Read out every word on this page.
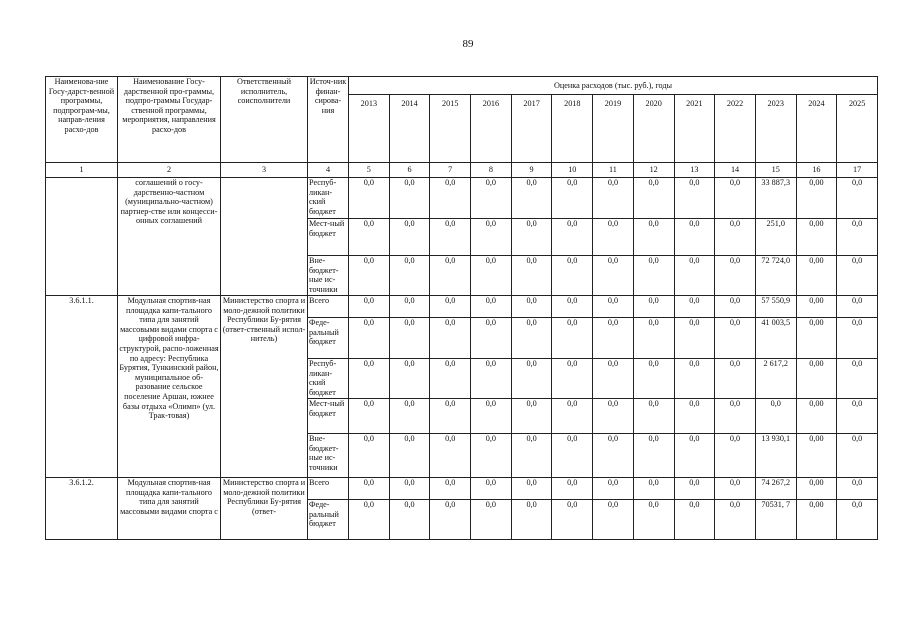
89
Наименова-ние Госу-дарст-венной программы, подпрограм-мы, направ-ления расхо-дов	Наименование Госу-дарственной про-граммы, подпро-граммы Государ-ственной программы, мероприятия, направления расхо-дов	Ответственный исполнитель, соисполнители	Источ-ник финан-сирова-ния	Оценка расходов (тыс. руб.), годы												
				2013	2014	2015	2016	2017	2018	2019	2020	2021	2022	2023	2024	2025
1	2	3	4	5	6	7	8	9	10	11	12	13	14	15	16	17
	соглашений о госу-дарственно-частном (муниципально-частном) партнер-стве или концесси-онных соглашений		Респуб-ликан-ский бюджет	0,0	0,0	0,0	0,0	0,0	0,0	0,0	0,0	0,0	0,0	33 887,3	0,00	0,0
			Мест-ный бюджет	0,0	0,0	0,0	0,0	0,0	0,0	0,0	0,0	0,0	0,0	251,0	0,00	0,0
			Вне-бюджет-ные ис-точники	0,0	0,0	0,0	0,0	0,0	0,0	0,0	0,0	0,0	0,0	72 724,0	0,00	0,0
3.6.1.1.	Модульная спортив-ная площадка капи-тального типа для занятий массовыми видами спорта с цифровой инфра-структурой, распо-ложенная по адресу: Республика Бурятия, Тункинский район, муниципальное об-разование сельское поселение Аршан, южнее базы отдыха «Олимп» (ул. Трак-товая)	Министерство спорта и моло-дежной политики Республики Бу-рятия (ответ-ственный испол-нитель)	Всего	0,0	0,0	0,0	0,0	0,0	0,0	0,0	0,0	0,0	0,0	57 550,9	0,00	0,0
			Феде-ральный бюджет	0,0	0,0	0,0	0,0	0,0	0,0	0,0	0,0	0,0	0,0	41 003,5	0,00	0,0
			Респуб-ликан-ский бюджет	0,0	0,0	0,0	0,0	0,0	0,0	0,0	0,0	0,0	0,0	2 617,2	0,00	0,0
			Мест-ный бюджет	0,0	0,0	0,0	0,0	0,0	0,0	0,0	0,0	0,0	0,0	0,0	0,00	0,0
			Вне-бюджет-ные ис-точники	0,0	0,0	0,0	0,0	0,0	0,0	0,0	0,0	0,0	0,0	13 930,1	0,00	0,0
3.6.1.2.	Модульная спортив-ная площадка капи-тального типа для занятий массовыми видами спорта с	Министерство спорта и моло-дежной политики Республики Бу-рятия (ответ-	Всего	0,0	0,0	0,0	0,0	0,0	0,0	0,0	0,0	0,0	0,0	74 267,2	0,00	0,0
			Феде-ральный бюджет	0,0	0,0	0,0	0,0	0,0	0,0	0,0	0,0	0,0	0,0	70531, 7	0,00	0,0
